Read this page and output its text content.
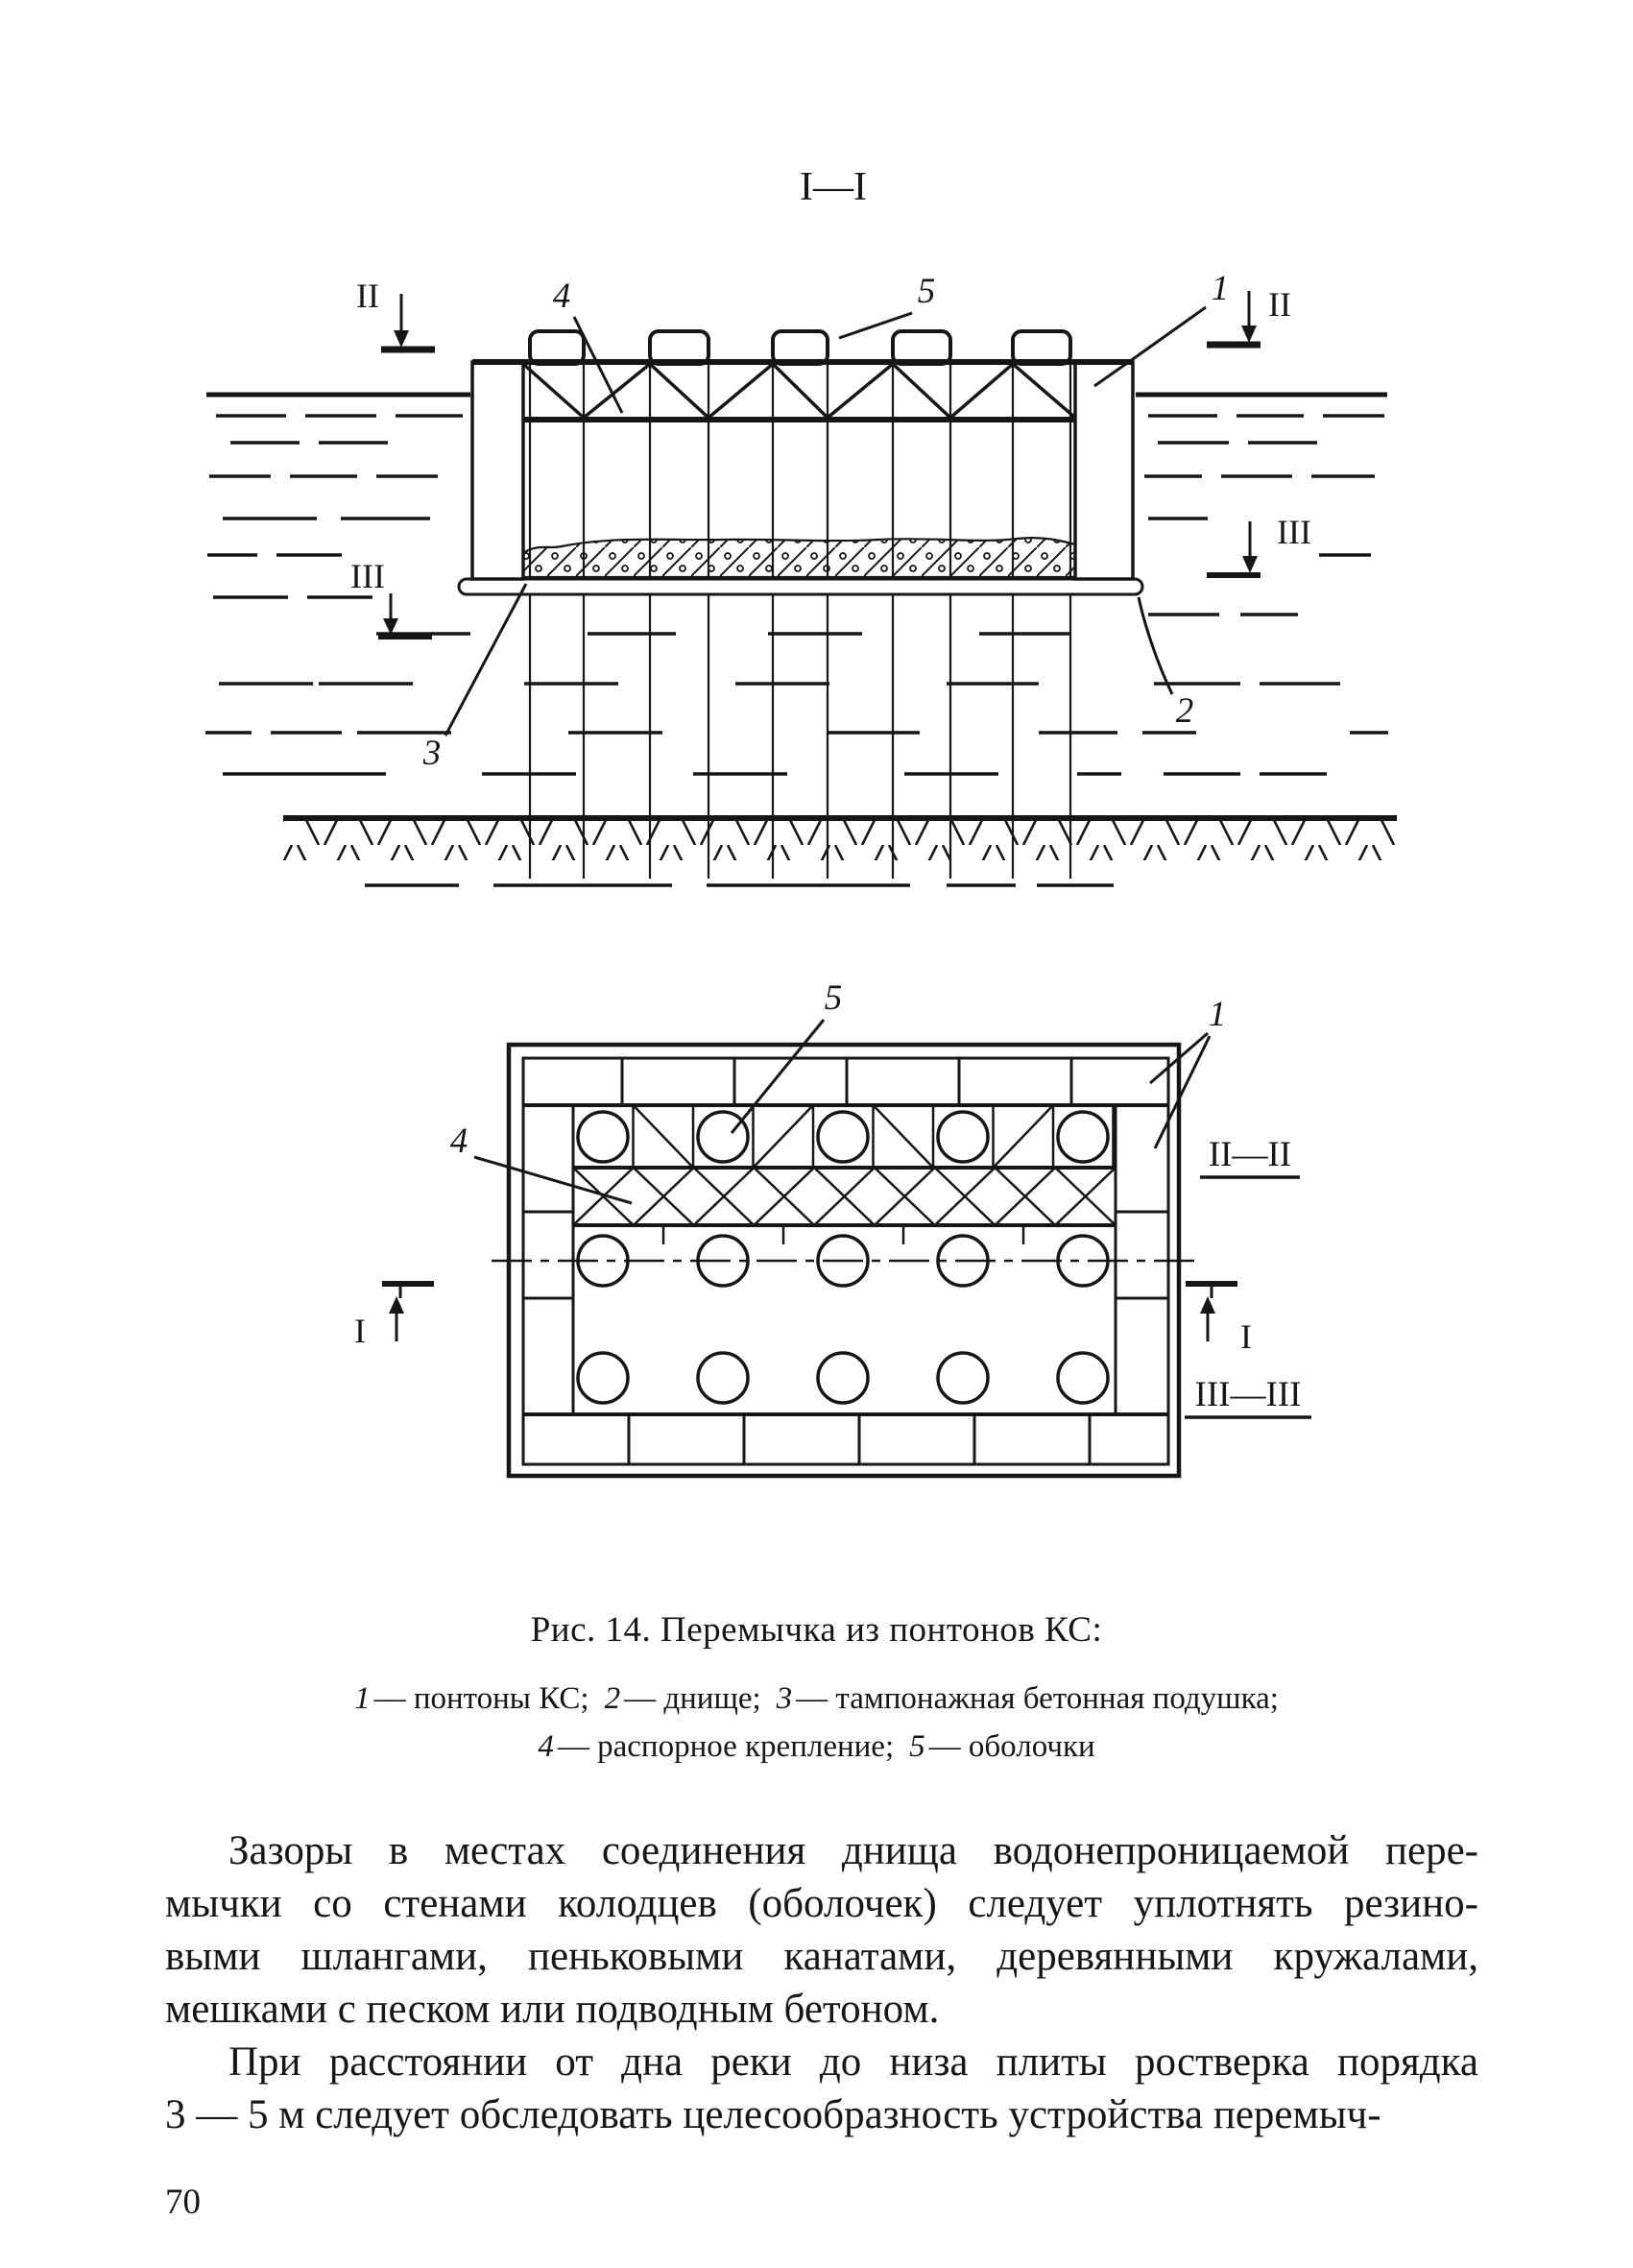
I—I
II	II
III
III
1
4	5
3
2
I	I
5
4
1
II—II
III—III
Рис. 14. Перемычка из понтонов КС:
1 — понтоны КС; 2 — днище; 3 — тампонажная бетонная подушка;
4 — распорное крепление; 5 — оболочки
Зазоры в местах соединения днища водонепроницаемой пере-
мычки со стенами колодцев (оболочек) следует уплотнять резино-
выми шлангами, пеньковыми канатами, деревянными кружалами,
мешками с песком или подводным бетоном.
При расстоянии от дна реки до низа плиты ростверка порядка
3 — 5 м следует обследовать целесообразность устройства перемыч-
70
